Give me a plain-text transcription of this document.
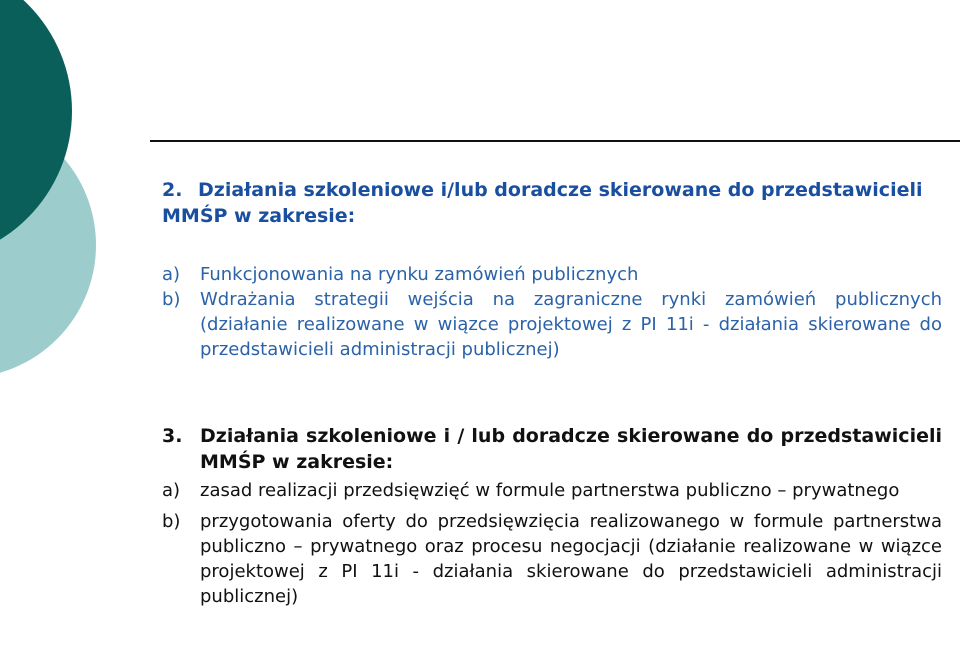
2. Działania szkoleniowe i/lub doradcze skierowane do przedstawicieli MMŚP w zakresie:
a)	Funkcjonowania na rynku zamówień publicznych
b)	Wdrażania strategii wejścia na zagraniczne rynki zamówień publicznych (działanie realizowane w wiązce projektowej z PI 11i - działania skierowane do przedstawicieli administracji publicznej)
3. Działania szkoleniowe i / lub doradcze skierowane do przedstawicieli MMŚP w zakresie:
a)	zasad realizacji przedsięwzięć w formule partnerstwa publiczno – prywatnego
b)	przygotowania oferty do przedsięwzięcia realizowanego w formule partnerstwa publiczno – prywatnego oraz procesu negocjacji (działanie realizowane w wiązce projektowej z PI 11i - działania skierowane do przedstawicieli administracji publicznej)
